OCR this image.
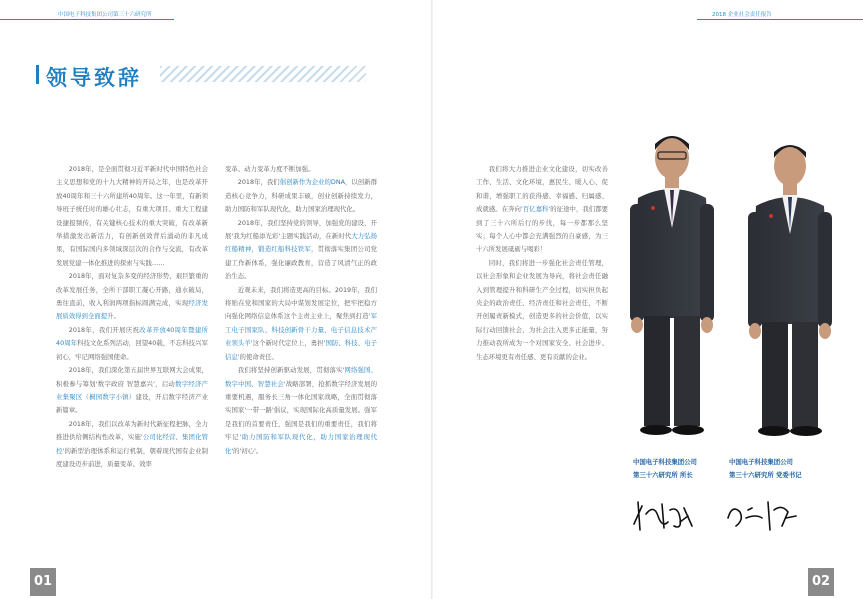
中国电子科技集团公司第三十六研究所	2018 企业社会责任报告
领导致辞

2018年，是全面贯彻习近平新时代中国特色社会主义思想和党的十九大精神的开局之年，也是改革开放40周年和三十六所建所40周年。这一年里，有新领导班子统任时的雄心壮志，有重大项目、重大工程建设捷报频传，有关键核心技术的重大突破，有改革新举措激发出新活力，有创新创效背后涌动的非凡成果，有国际国内多领域深层次的合作与交流，有改革发展党建一体化推进的探索与实践……

2018年，面对复杂多变的经济形势、艰巨繁重的改革发展任务，全所干部职工凝心开路，通水破局，勇往直前，收入利润两项指标圆满完成，实现经济发展质效得到全面提升。

2018年，我们开展庆祝改革开放40周年暨建所40周年科技文化系列活动，回望40载，不忘科技兴军初心，牢记网络强国使命。

2018年，我们深化第五届世界互联网大会成果，积极参与筹划'数字政府 智慧嘉兴'，启动数字经济产业集聚区（桐园数字小镇）建设，开启数字经济产业新篇章。

2018年，我们以改革为新时代新征程把脉，全力推进供给侧结构性改革，实施'公司化经营、集团化管控'的新型治理体系和运行机制，朝着现代国有企业制度建设迈步前进，质量变革、效率

变革、动力变革力度不断加强。

2018年，我们倡创新作为企业的DNA，以创新群造核心竞争力，科研成果丰硕，创业创新持续发力，助力国防和军队现代化，助力国家治理现代化。

2018年，我们坚持党的领导，加强党的建设，开展'我为红船添光彩'主题实践活动，在新时代大力弘扬红船精神，锻造红船科技铁军，贯彻落实集团公司党建工作新体系，强化廉政教育，营造了风清气正的政治生态。

近观未来，我们将造更高的目标。2019年，我们将贴在党和国家的大局中谋划发展定位，把牢把稳方向强化网络信息体系这个主责主业上，聚焦到打造'军工电子国家队、科技创新骨干力量、电子信息技术产业领头羊'这个新时代定位上，勇担'国防、科技、电子信息'的使命责任。

我们将坚持创新驱动发展，贯彻落实'网络强国、数字中国、智慧社会'战略部署，抢抓数字经济发展的重要机遇，服务长三角一体化国家战略，全面贯彻落实国家'一带一路'倡议，实现国际化高质量发展。强军是我们的首要责任，强国是我们的重要责任，我们将牢记'助力国防和军队现代化，助力国家治理现代化'的'初心'。

我们将大力推进企业文化建设，切实改善工作、生活、文化环境，惠民生、暖人心、促和谐，增强职工的获得感、幸福感、归属感、成就感。在奔向'百亿嘉科'的征途中，我们都要到了三十六所后行的步伐，每一步都那么坚实；每个人心中都会充满强烈的自豪感，为三十六所发展砥砺与喝彩！

同时，我们将进一步强化社会责任管理，以社会形象和企业发展为导向，将社会责任融入到管理提升和科研生产全过程，切实担负起央企的政治责任、经济责任和社会责任，不断开创履责新模式，创造更多的社会价值，以实际行动回馈社会，为社会注入更多正能量，努力推动我所成为一个对国家安全、社会进步、生态环境更有责任感、更有贡献的企业。

中国电子科技集团公司
第三十六研究所 所长
中国电子科技集团公司
第三十六研究所 党委书记
01	02
